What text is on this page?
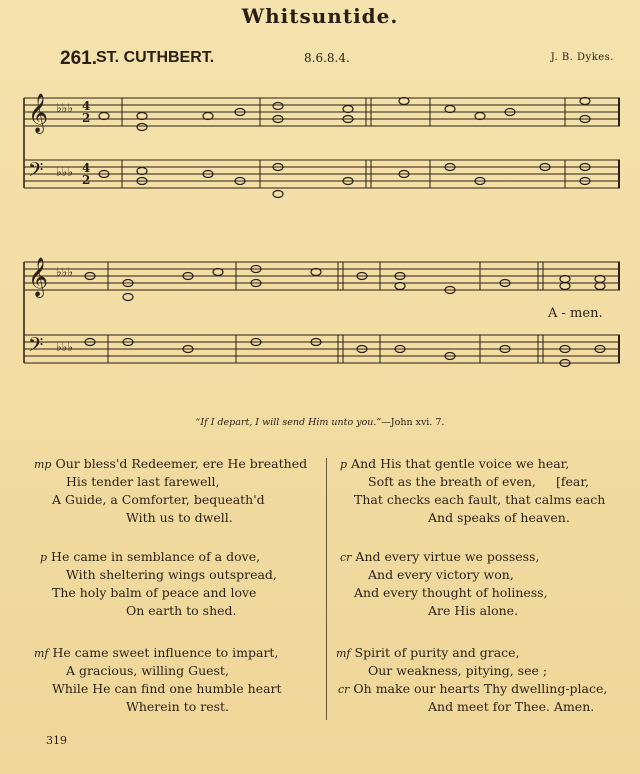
Whitsuntide.
261. ST. CUTHBERT.	8.6.8.4.	J. B. Dykes.
𝄞
𝄢
♭♭♭
♭♭♭
4
2
4
2
𝄞
𝄢
♭♭♭
♭♭♭
A - men.
“If I depart, I will send Him unto you.”—John xvi. 7.
mp Our bless'd Redeemer, ere He breathed
His tender last farewell,
A Guide, a Comforter, bequeath'd
With us to dwell.
p He came in semblance of a dove,
With sheltering wings outspread,
The holy balm of peace and love
On earth to shed.
mf He came sweet influence to impart,
A gracious, willing Guest,
While He can find one humble heart
Wherein to rest.
p And His that gentle voice we hear,
Soft as the breath of even, [fear,
That checks each fault, that calms each
And speaks of heaven.
cr And every virtue we possess,
And every victory won,
And every thought of holiness,
Are His alone.
mf Spirit of purity and grace,
Our weakness, pitying, see ;
cr Oh make our hearts Thy dwelling-place,
And meet for Thee. Amen.
319
